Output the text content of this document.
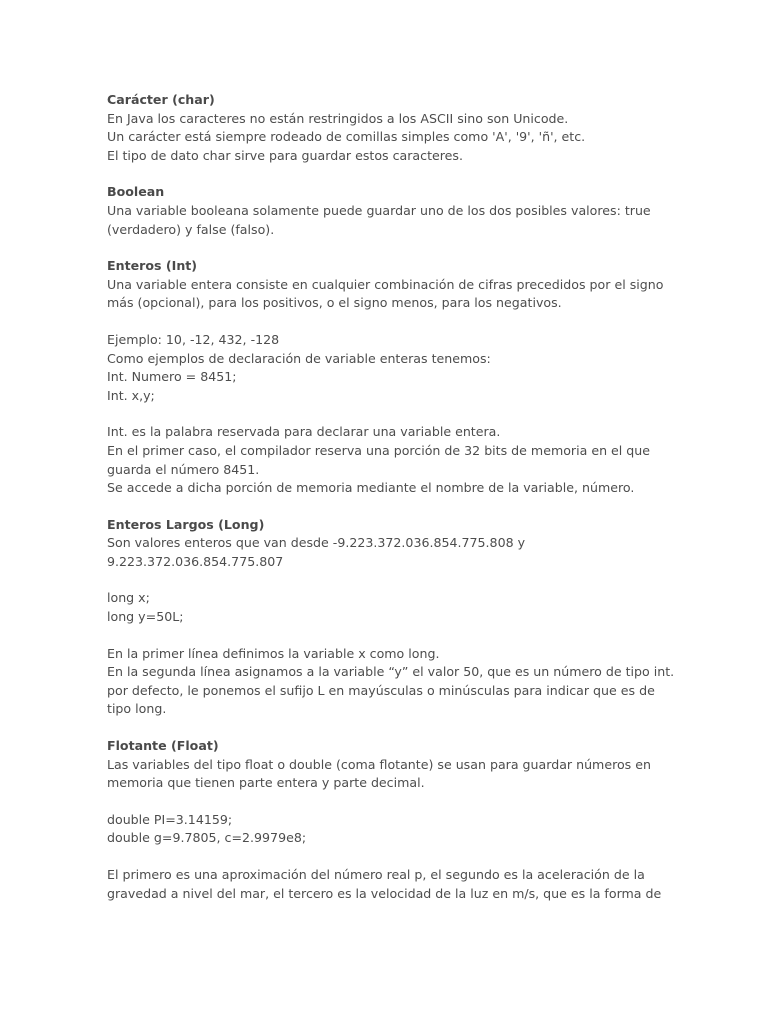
Carácter (char)
En Java los caracteres no están restringidos a los ASCII sino son Unicode.
Un carácter está siempre rodeado de comillas simples como 'A', '9', 'ñ', etc.
El tipo de dato char sirve para guardar estos caracteres.
Boolean
Una variable booleana solamente puede guardar uno de los dos posibles valores: true
(verdadero) y false (falso).
Enteros (Int)
Una variable entera consiste en cualquier combinación de cifras precedidos por el signo
más (opcional), para los positivos, o el signo menos, para los negativos.
Ejemplo: 10, -12, 432, -128
Como ejemplos de declaración de variable enteras tenemos:
Int. Numero = 8451;
Int. x,y;
Int. es la palabra reservada para declarar una variable entera.
En el primer caso, el compilador reserva una porción de 32 bits de memoria en el que
guarda el número 8451.
Se accede a dicha porción de memoria mediante el nombre de la variable, número.
Enteros Largos (Long)
Son valores enteros que van desde -9.223.372.036.854.775.808 y
9.223.372.036.854.775.807
long x;
long y=50L;
En la primer línea definimos la variable x como long.
En la segunda línea asignamos a la variable “y” el valor 50, que es un número de tipo int.
por defecto, le ponemos el sufijo L en mayúsculas o minúsculas para indicar que es de
tipo long.
Flotante (Float)
Las variables del tipo float o double (coma flotante) se usan para guardar números en
memoria que tienen parte entera y parte decimal.
double PI=3.14159;
double g=9.7805, c=2.9979e8;
El primero es una aproximación del número real p, el segundo es la aceleración de la
gravedad a nivel del mar, el tercero es la velocidad de la luz en m/s, que es la forma de
